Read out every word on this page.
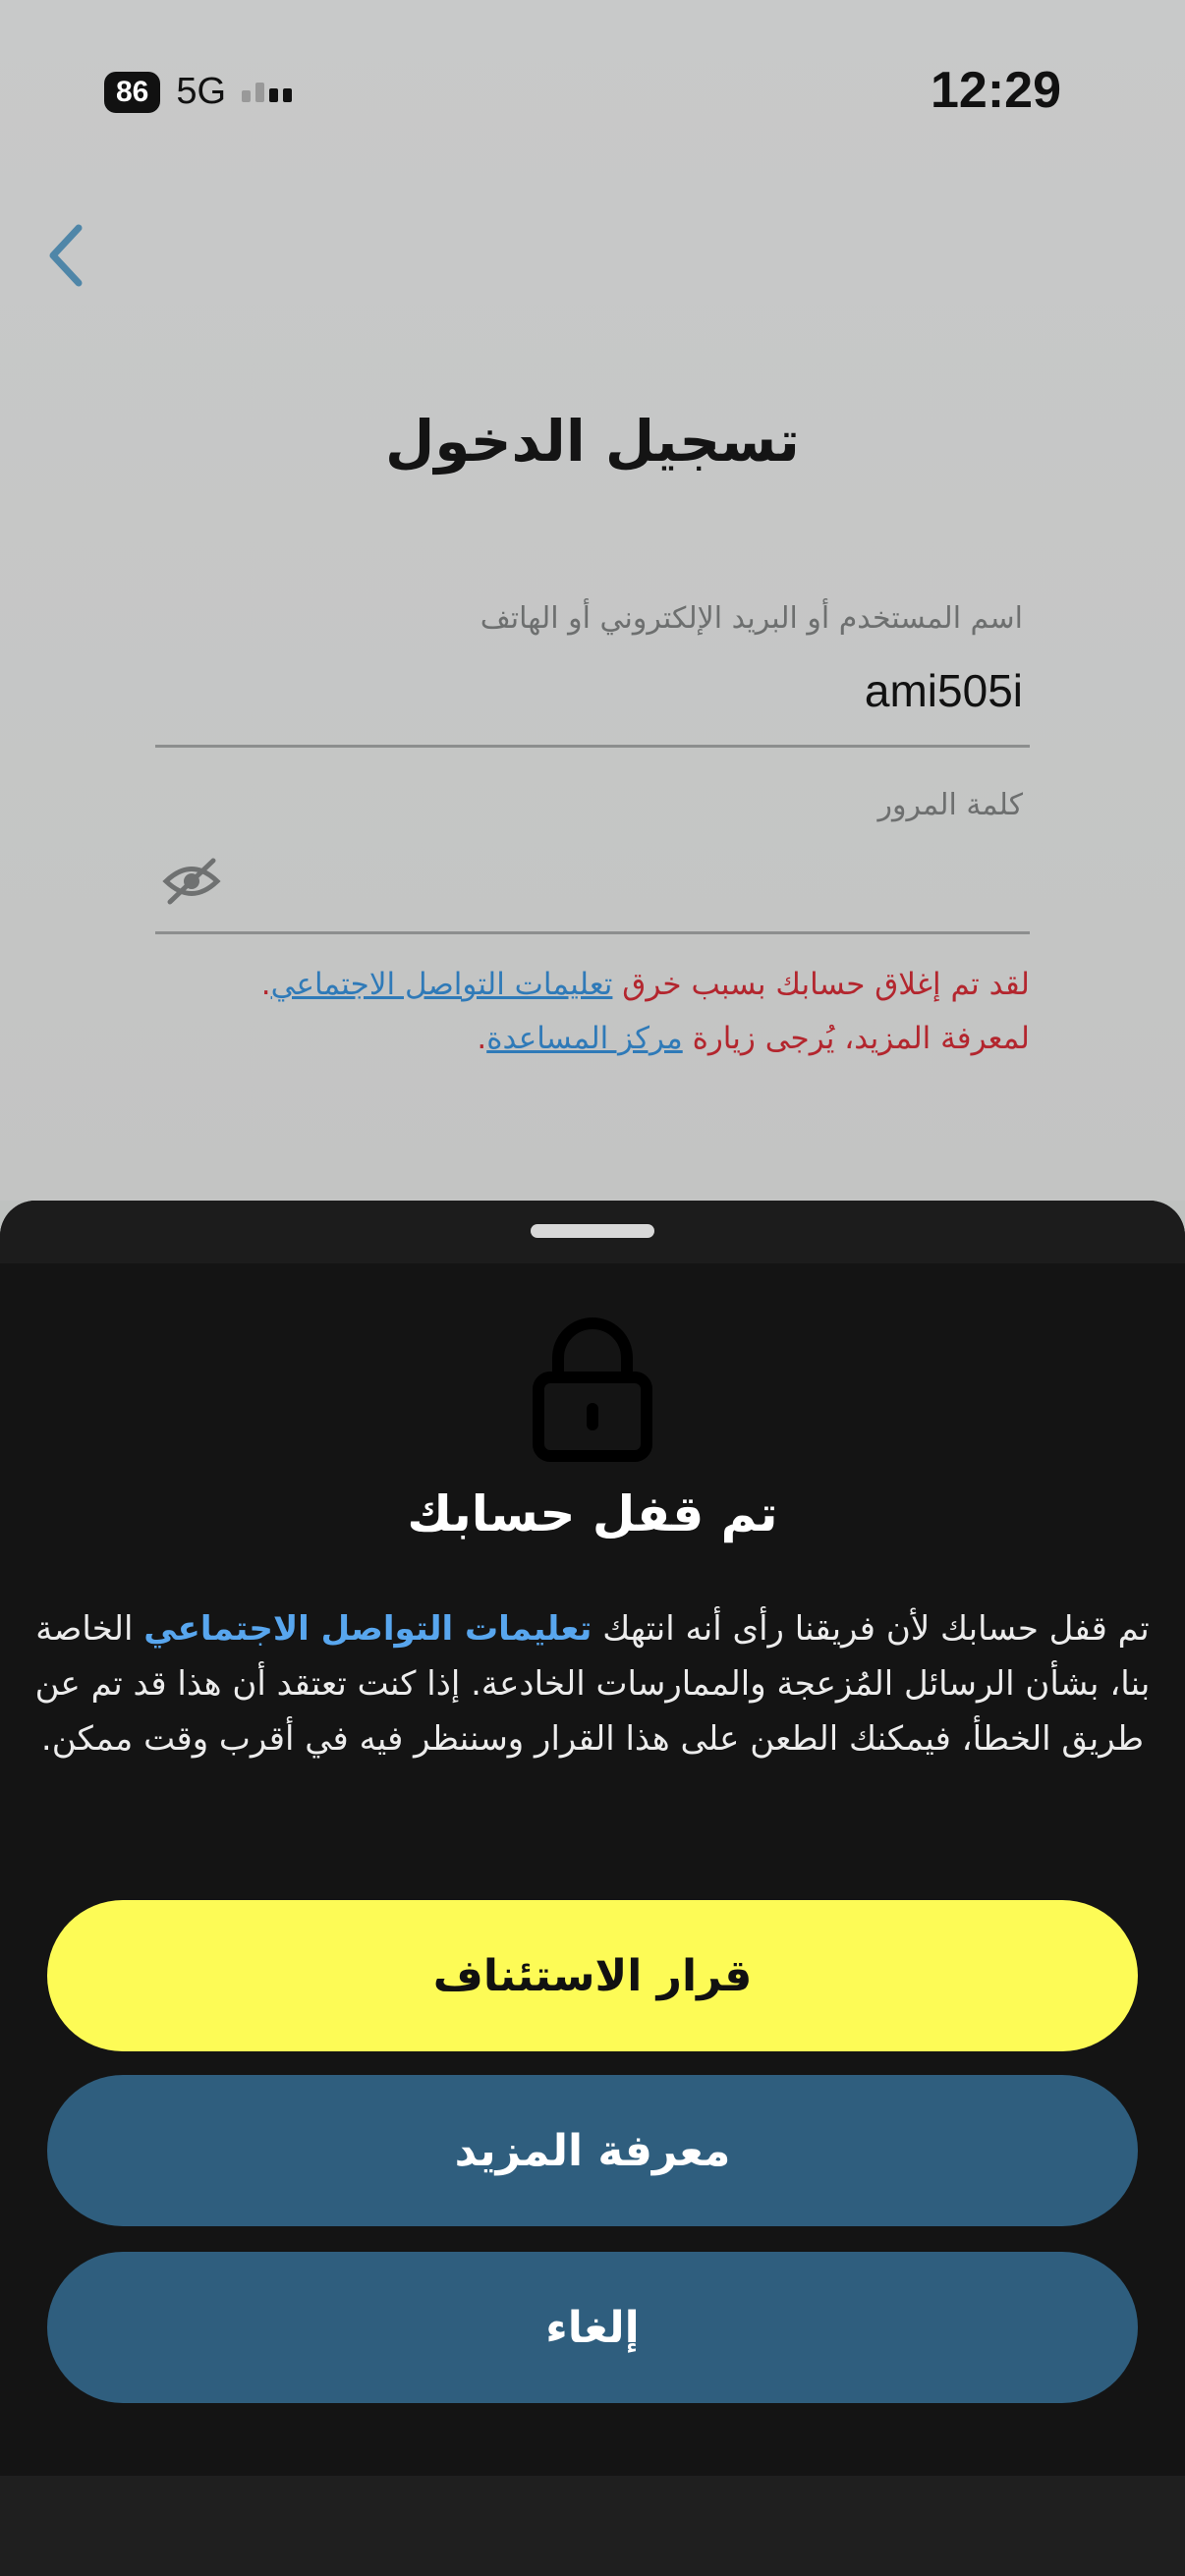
86 5G	12:29
تسجيل الدخول
اسم المستخدم أو البريد الإلكتروني أو الهاتف
ami505i
كلمة المرور
لقد تم إغلاق حسابك بسبب خرق تعليمات التواصل الاجتماعي. لمعرفة المزيد، يُرجى زيارة مركز المساعدة.
تم قفل حسابك
تم قفل حسابك لأن فريقنا رأى أنه انتهك تعليمات التواصل الاجتماعي الخاصة بنا، بشأن الرسائل المُزعجة والممارسات الخادعة. إذا كنت تعتقد أن هذا قد تم عن طريق الخطأ، فيمكنك الطعن على هذا القرار وسننظر فيه في أقرب وقت ممكن.
قرار الاستئناف
معرفة المزيد
إلغاء
